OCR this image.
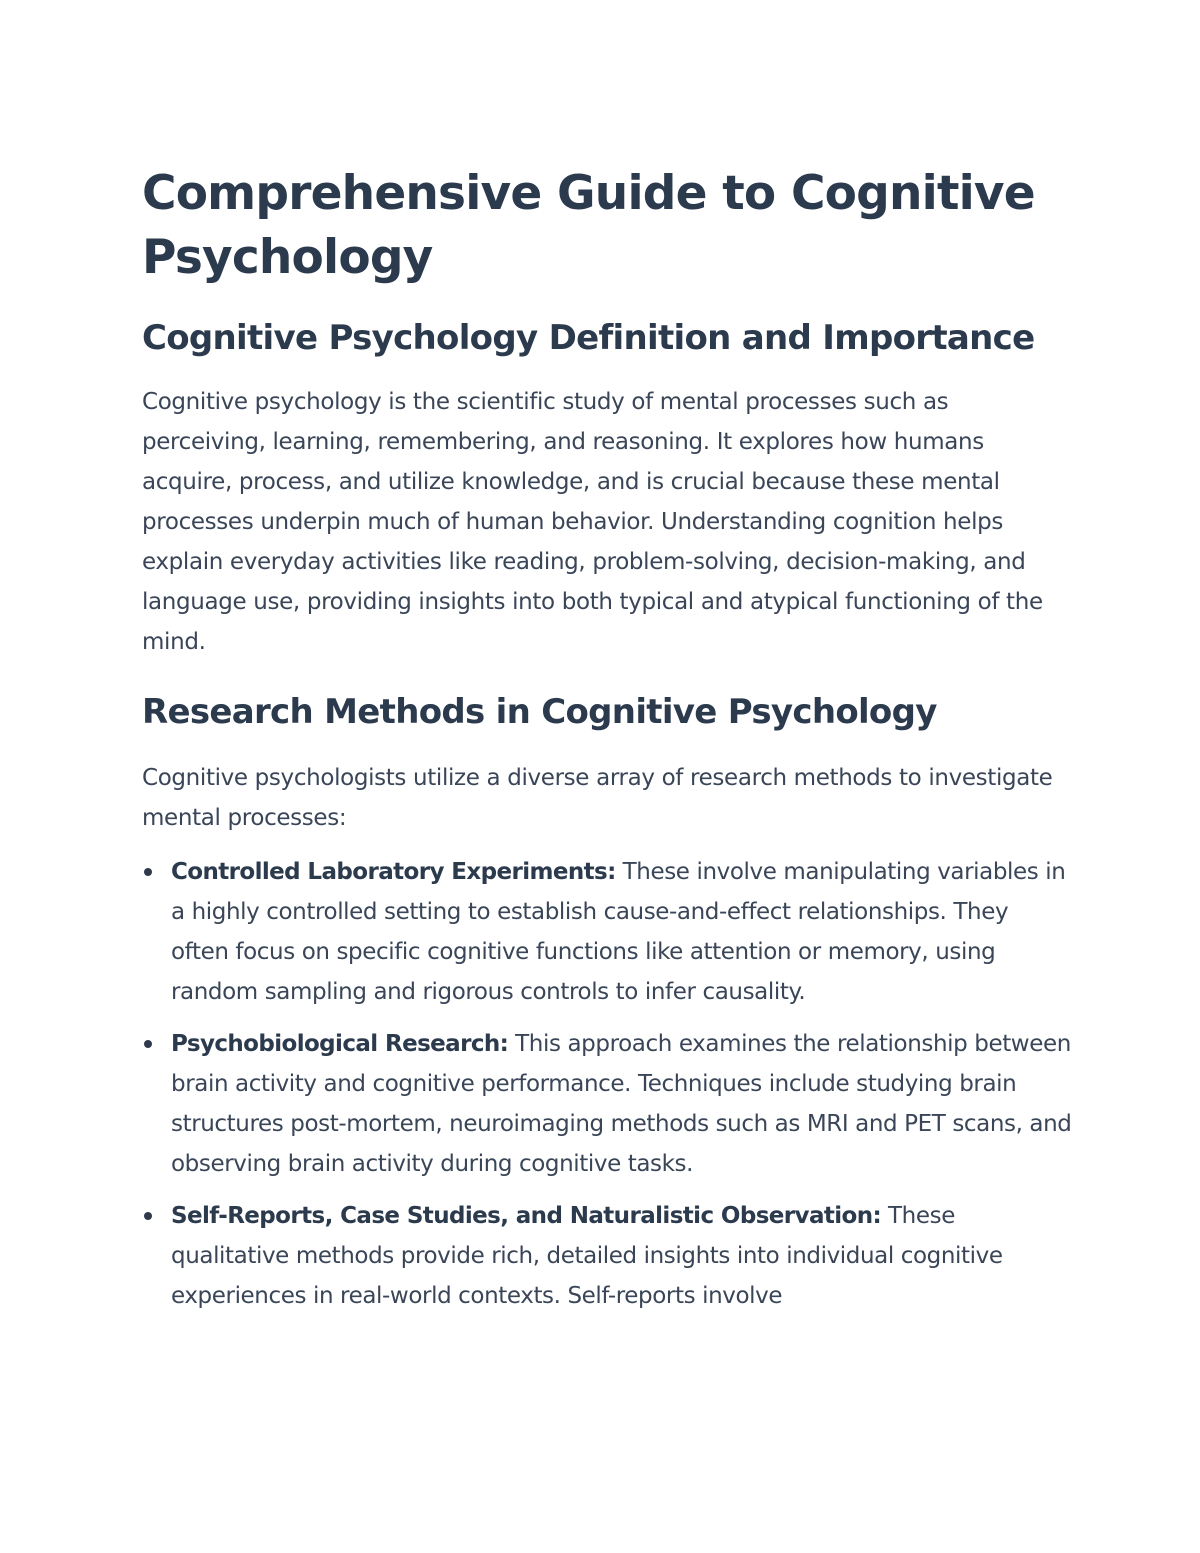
Comprehensive Guide to Cognitive Psychology
Cognitive Psychology Definition and Importance

Cognitive psychology is the scientific study of mental processes such as perceiving, learning, remembering, and reasoning. It explores how humans acquire, process, and utilize knowledge, and is crucial because these mental processes underpin much of human behavior. Understanding cognition helps explain everyday activities like reading, problem-solving, decision-making, and language use, providing insights into both typical and atypical functioning of the mind.

Research Methods in Cognitive Psychology

Cognitive psychologists utilize a diverse array of research methods to investigate mental processes:

Controlled Laboratory Experiments: These involve manipulating variables in a highly controlled setting to establish cause-and-effect relationships. They often focus on specific cognitive functions like attention or memory, using random sampling and rigorous controls to infer causality.
Psychobiological Research: This approach examines the relationship between brain activity and cognitive performance. Techniques include studying brain structures post-mortem, neuroimaging methods such as MRI and PET scans, and observing brain activity during cognitive tasks.
Self-Reports, Case Studies, and Naturalistic Observation: These qualitative methods provide rich, detailed insights into individual cognitive experiences in real-world contexts. Self-reports involve
